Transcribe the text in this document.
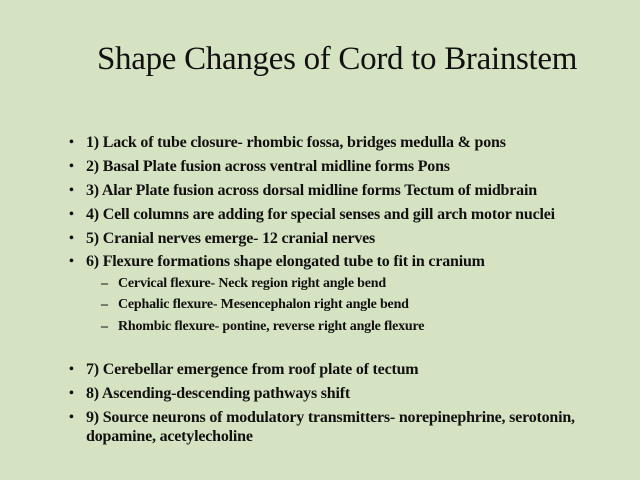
Shape Changes of Cord to Brainstem
• 1) Lack of tube closure- rhombic fossa, bridges medulla & pons
• 2) Basal Plate fusion across ventral midline forms Pons
• 3) Alar Plate fusion across dorsal midline forms Tectum of midbrain
• 4) Cell columns are adding for special senses and gill arch motor nuclei
• 5) Cranial nerves emerge- 12 cranial nerves
• 6) Flexure formations shape elongated tube to fit in cranium
– Cervical flexure- Neck region right angle bend
– Cephalic flexure- Mesencephalon right angle bend
– Rhombic flexure- pontine, reverse right angle flexure
• 7) Cerebellar emergence from roof plate of tectum
• 8) Ascending-descending pathways shift
• 9) Source neurons of modulatory transmitters- norepinephrine, serotonin, dopamine, acetylecholine
